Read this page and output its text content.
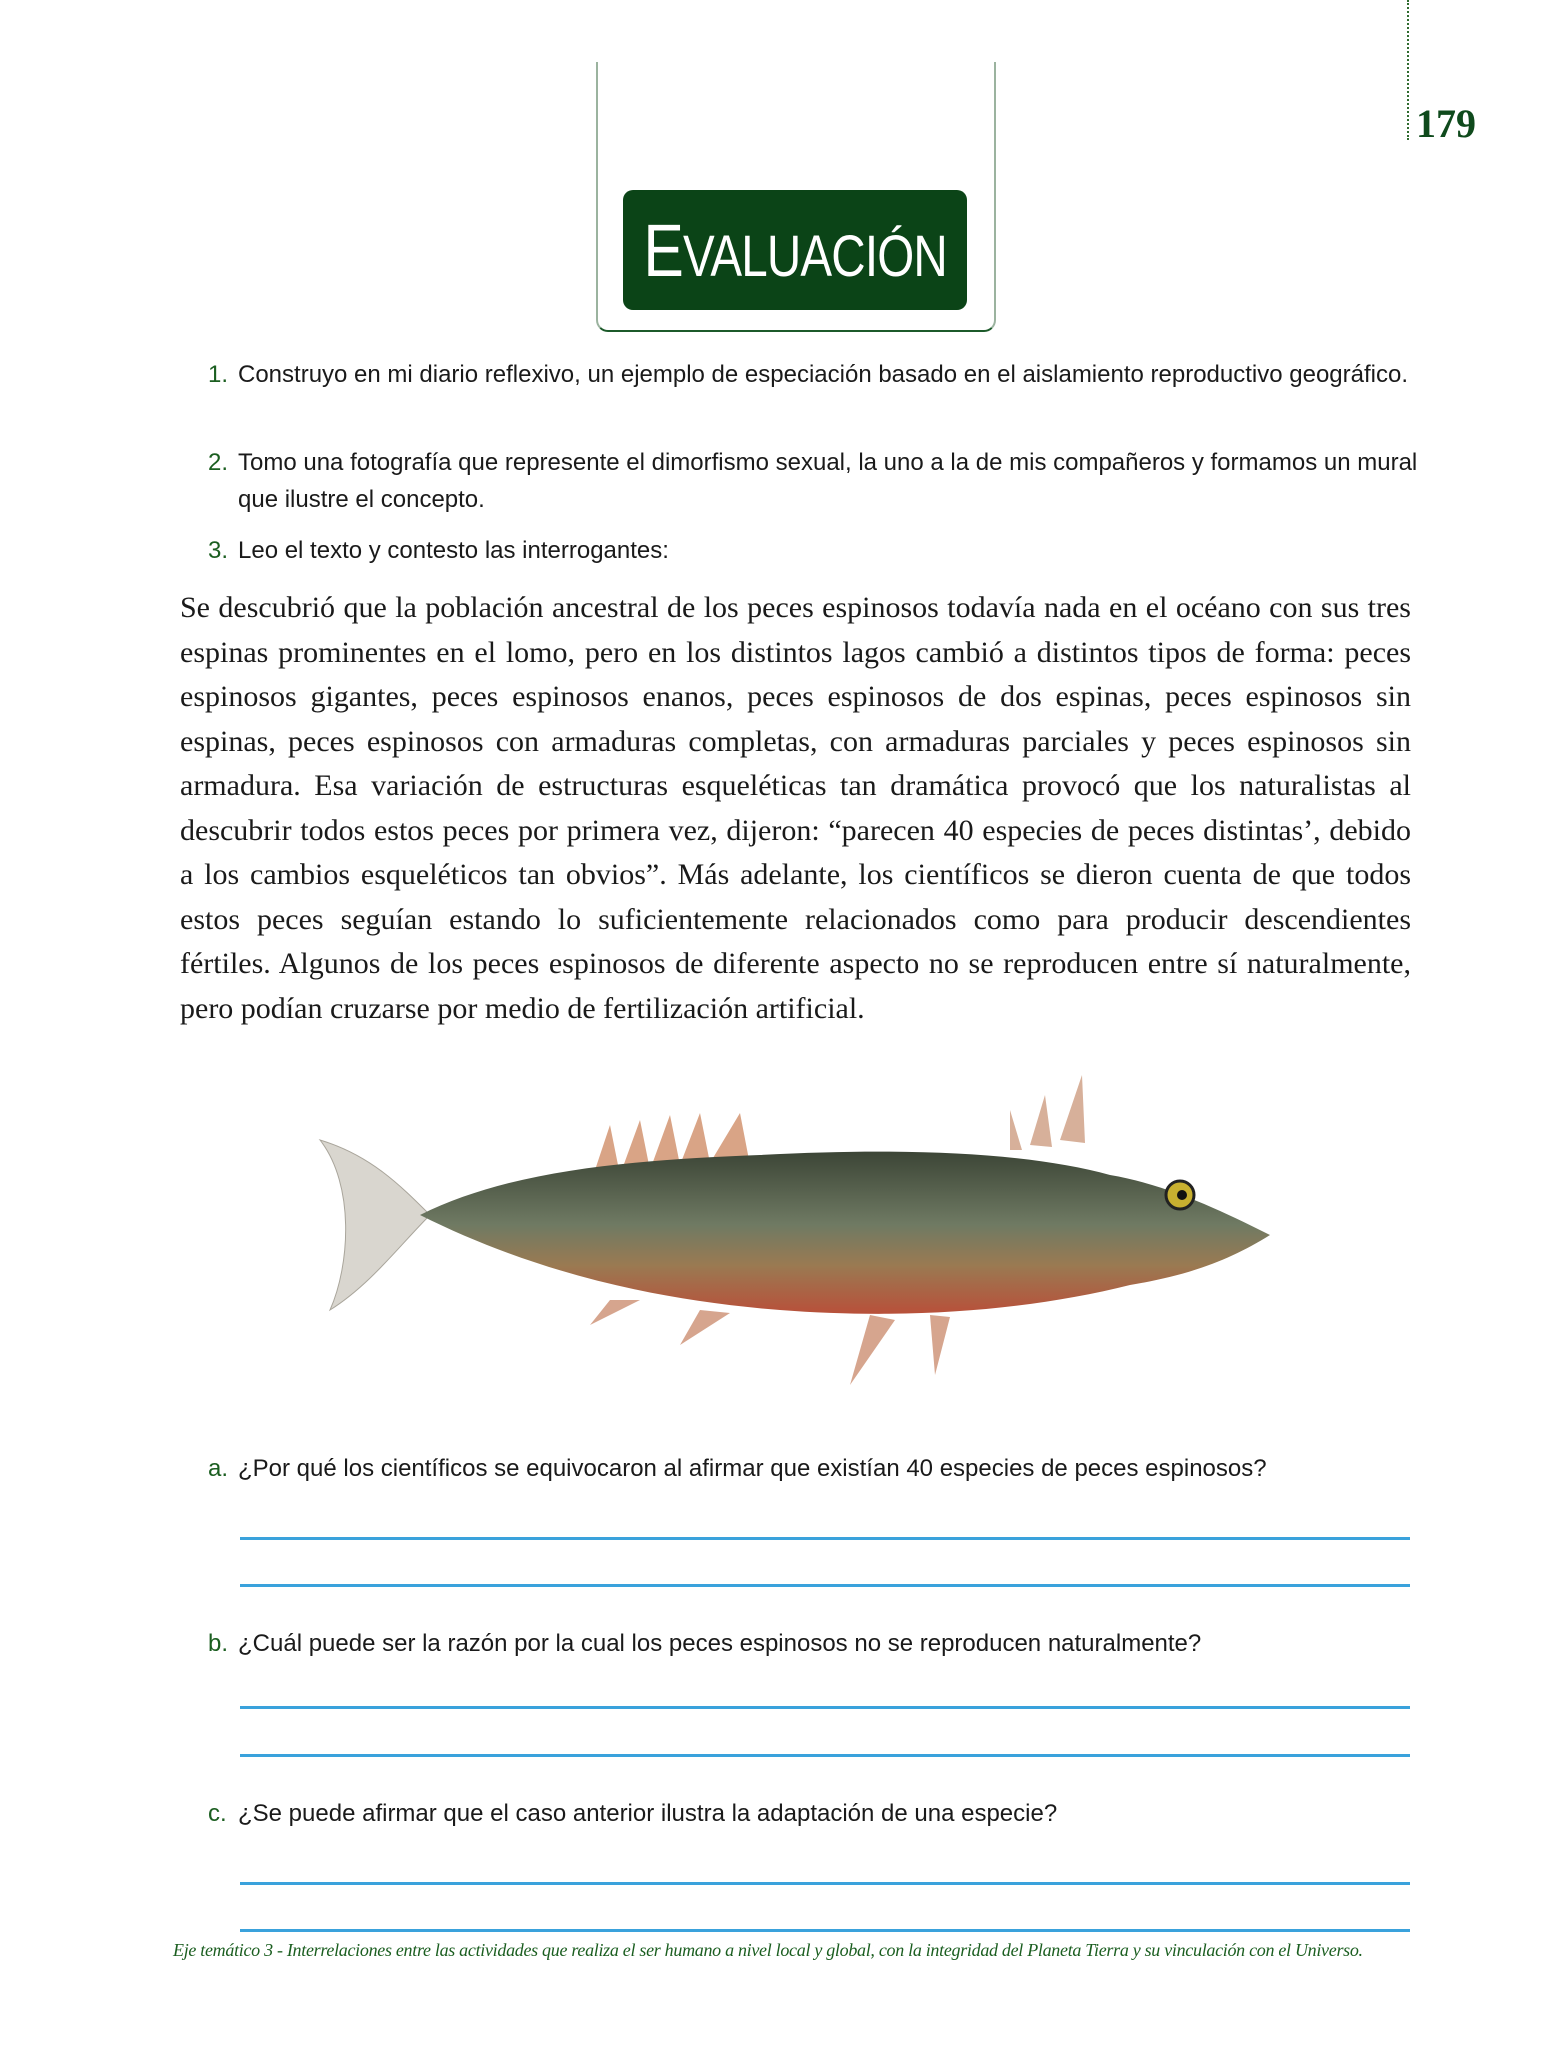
179
EVALUACIÓN
1. Construyo en mi diario reflexivo, un ejemplo de especiación basado en el aislamiento reproductivo geográfico.
2. Tomo una fotografía que represente el dimorfismo sexual, la uno a la de mis compañeros y formamos un mural que ilustre el concepto.
3. Leo el texto y contesto las interrogantes:
Se descubrió que la población ancestral de los peces espinosos todavía nada en el océano con sus tres espinas prominentes en el lomo, pero en los distintos lagos cambió a distintos tipos de forma: peces espinosos gigantes, peces espinosos enanos, peces espinosos de dos espinas, peces espinosos sin espinas, peces espinosos con armaduras completas, con armaduras parciales y peces espinosos sin armadura. Esa variación de estructuras esqueléticas tan dramática provocó que los naturalistas al descubrir todos estos peces por primera vez, dijeron: “parecen 40 especies de peces distintas’, debido a los cambios esqueléticos tan obvios”. Más adelante, los científicos se dieron cuenta de que todos estos peces seguían estando lo suficientemente relacionados como para producir descendientes fértiles. Algunos de los peces espinosos de diferente aspecto no se reproducen entre sí naturalmente, pero podían cruzarse por medio de fertilización artificial.
a. ¿Por qué los científicos se equivocaron al afirmar que existían 40 especies de peces espinosos?
b. ¿Cuál puede ser la razón por la cual los peces espinosos no se reproducen naturalmente?
c. ¿Se puede afirmar que el caso anterior ilustra la adaptación de una especie?
Eje temático 3 - Interrelaciones entre las actividades que realiza el ser humano a nivel local y global, con la integridad del Planeta Tierra y su vinculación con el Universo.
